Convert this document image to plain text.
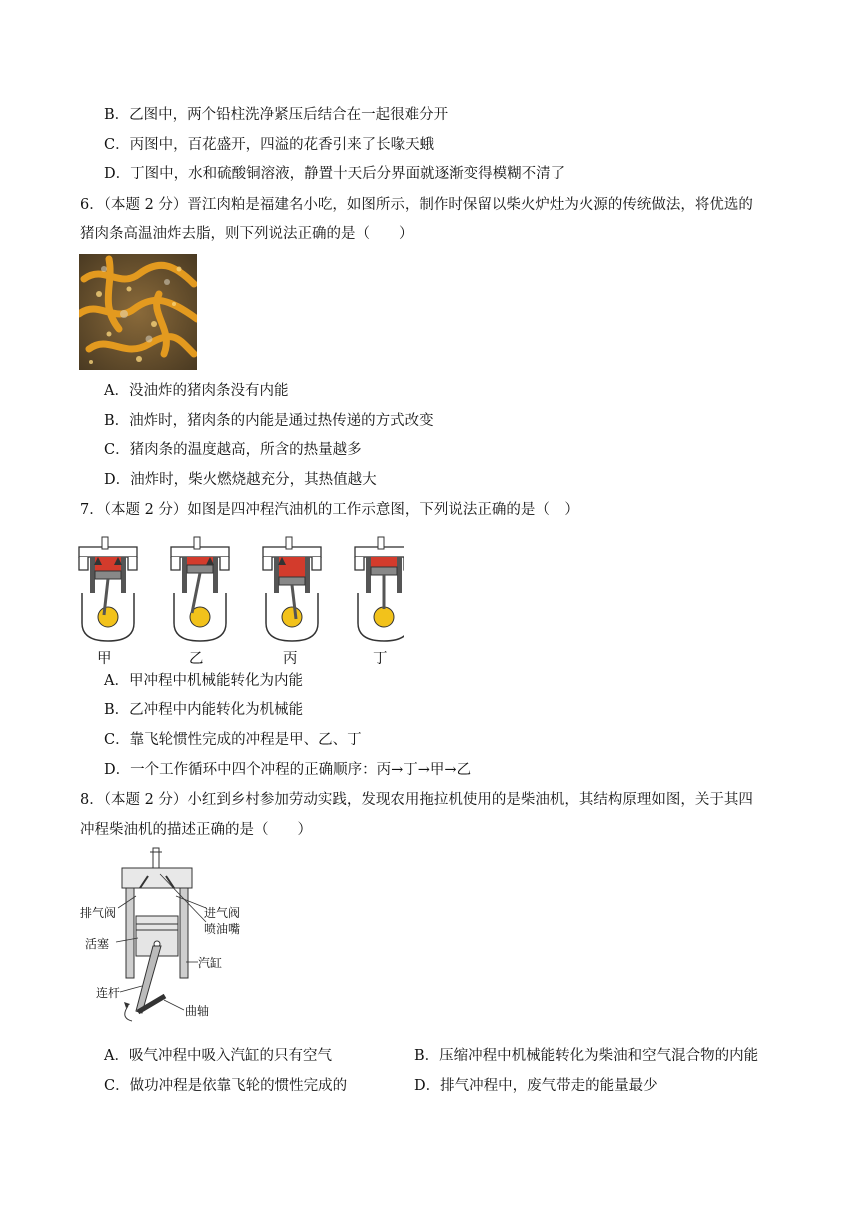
B．乙图中，两个铅柱洗净紧压后结合在一起很难分开
C．丙图中，百花盛开，四溢的花香引来了长喙天蛾
D．丁图中，水和硫酸铜溶液，静置十天后分界面就逐渐变得模糊不清了
6．（本题 2 分）晋江肉粕是福建名小吃，如图所示，制作时保留以柴火炉灶为火源的传统做法，将优选的
猪肉条高温油炸去脂，则下列说法正确的是（　　）
A．没油炸的猪肉条没有内能
B．油炸时，猪肉条的内能是通过热传递的方式改变
C．猪肉条的温度越高，所含的热量越多
D．油炸时，柴火燃烧越充分，其热值越大
7．（本题 2 分）如图是四冲程汽油机的工作示意图，下列说法正确的是（　）
甲	乙	丙	丁
A．甲冲程中机械能转化为内能
B．乙冲程中内能转化为机械能
C．靠飞轮惯性完成的冲程是甲、乙、丁
D．一个工作循环中四个冲程的正确顺序：丙→丁→甲→乙
8．（本题 2 分）小红到乡村参加劳动实践，发现农用拖拉机使用的是柴油机，其结构原理如图，关于其四
冲程柴油机的描述正确的是（　　）
排气阀	进气阀
喷油嘴
活塞
汽缸
连杆
曲轴
A．吸气冲程中吸入汽缸的只有空气	B．压缩冲程中机械能转化为柴油和空气混合物的内能
C．做功冲程是依靠飞轮的惯性完成的	D．排气冲程中，废气带走的能量最少
